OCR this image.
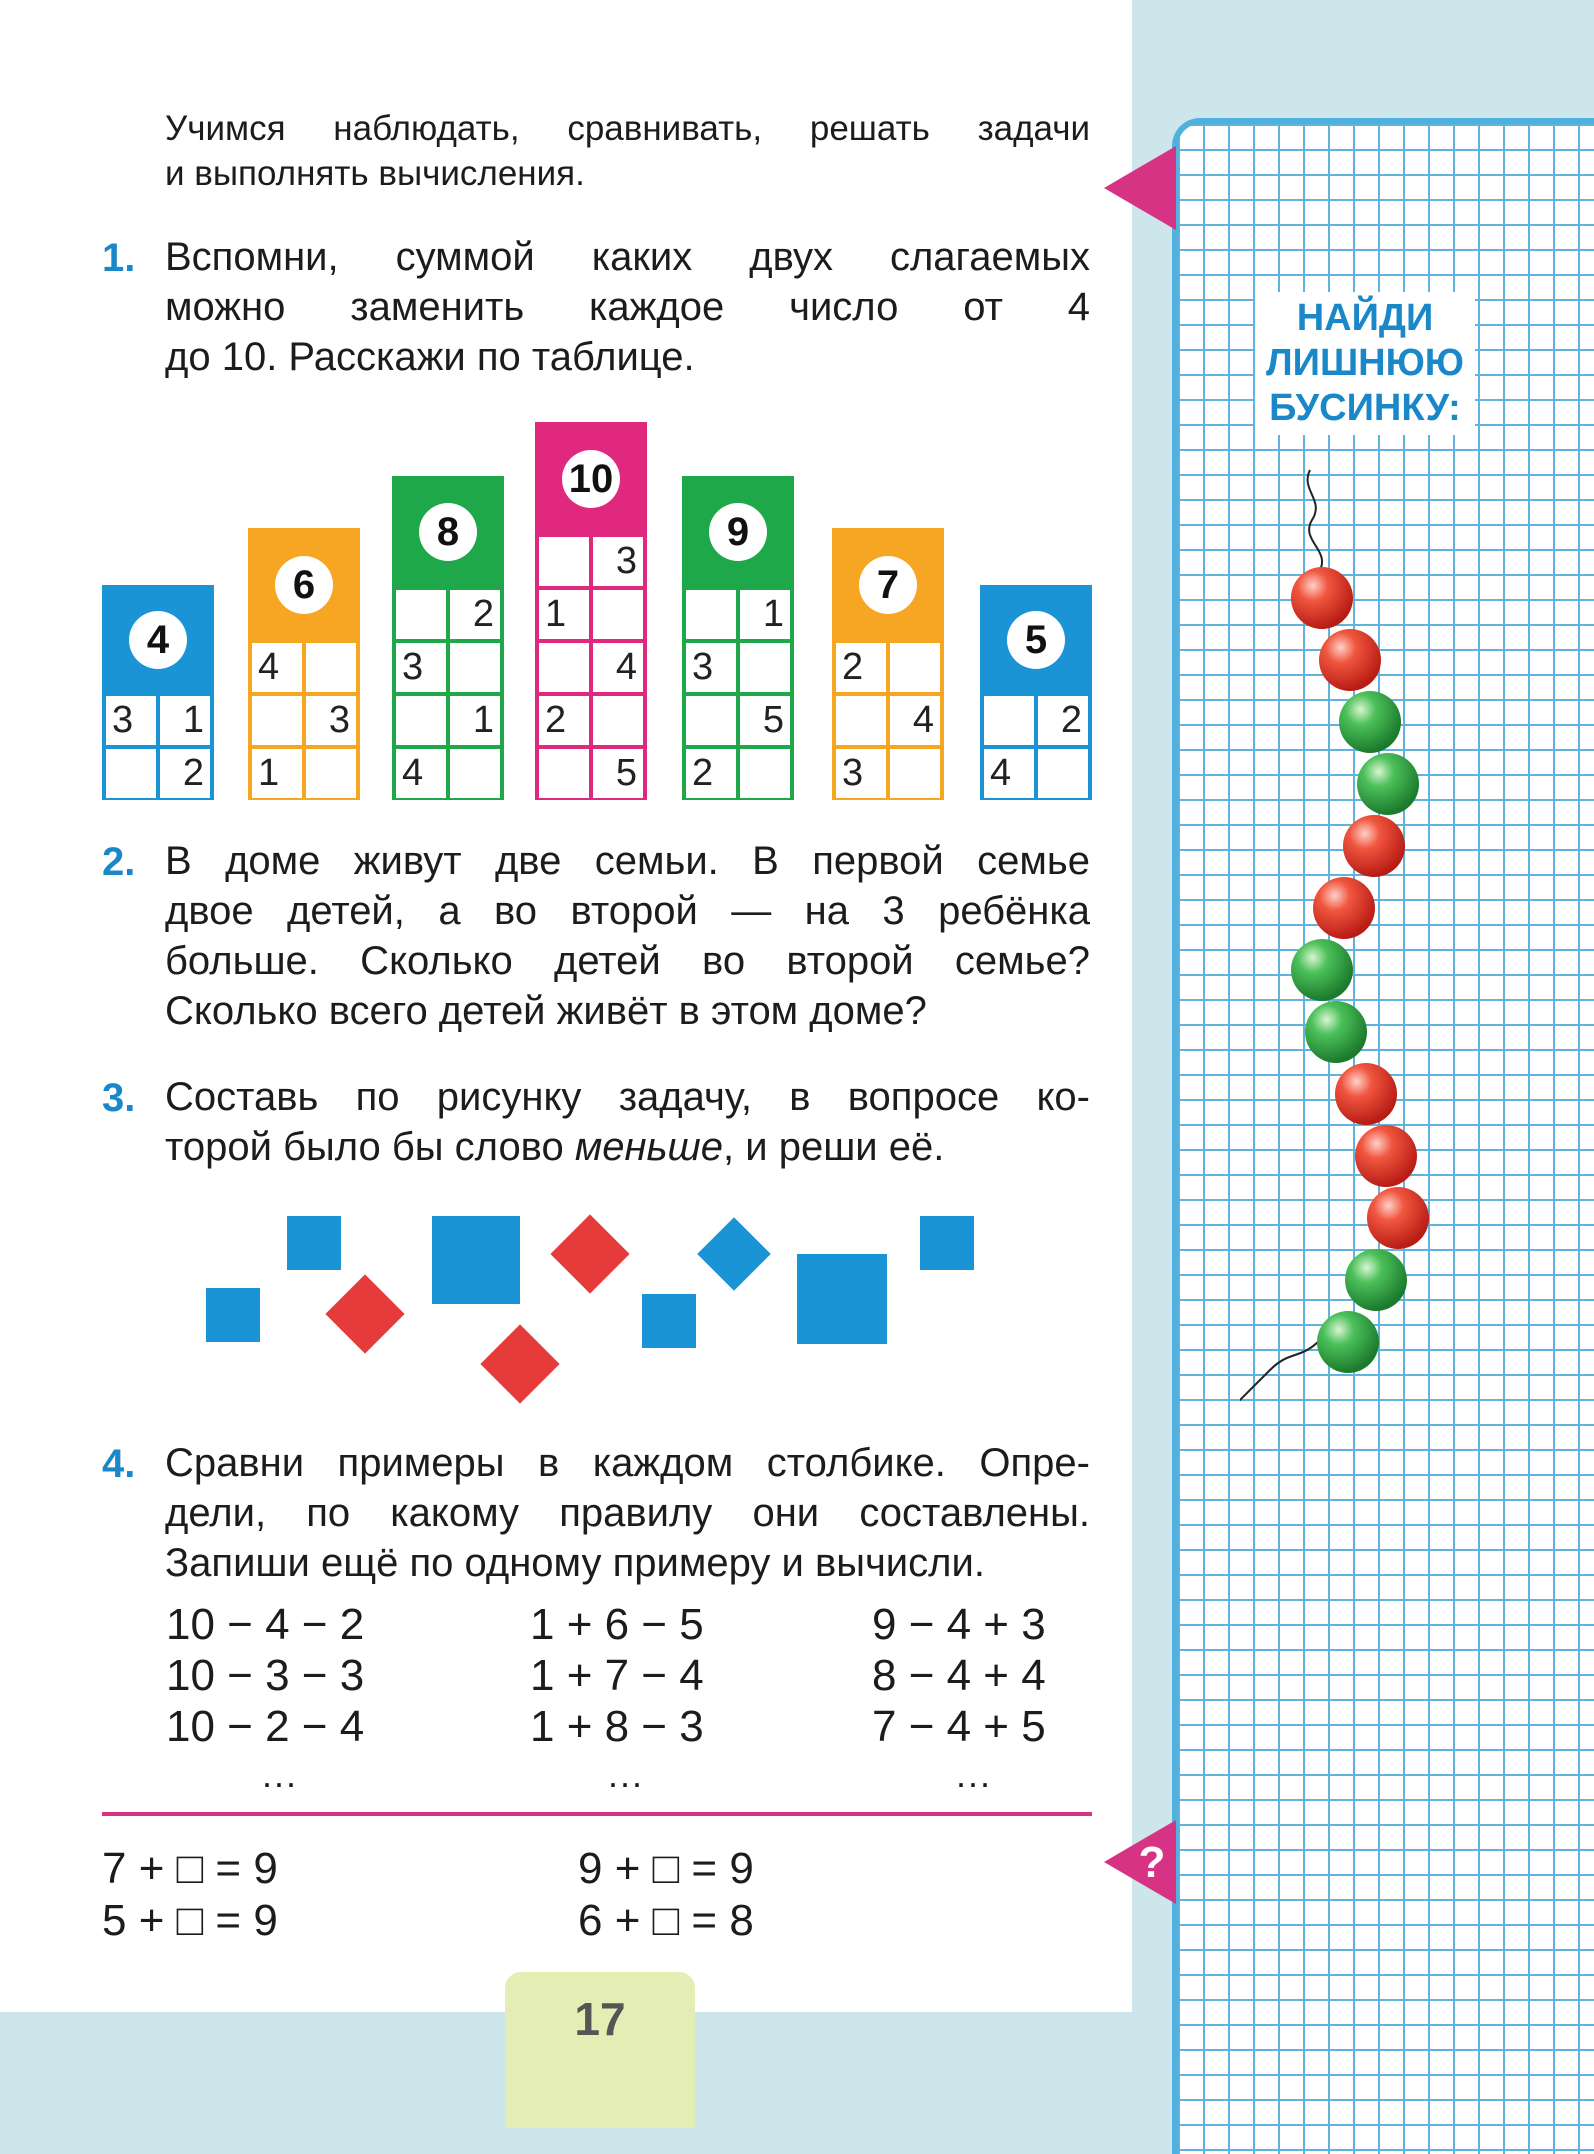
?
НАЙДИ
ЛИШНЮЮ
БУСИНКУ:
Учимся наблюдать, сравнивать, решать задачи
и выполнять вычисления.
1. Вспомни, суммой каких двух слагаемых
можно заменить каждое число от 4
до 10. Расскажи по таблице.
4
3	1
2
6
4
3
1
8
2
3
1
4
10
3
1
4
2
5
9
1
3
5
2
7
2
4
3
5
2
4
2. В доме живут две семьи. В первой семье
двое детей, а во второй — на 3 ребёнка
больше. Сколько детей во второй семье?
Сколько всего детей живёт в этом доме?
3. Составь по рисунку задачу, в вопросе ко-
торой было бы слово меньше, и реши её.
4. Сравни примеры в каждом столбике. Опре-
дели, по какому правилу они составлены.
Запиши ещё по одному примеру и вычисли.
10 − 4 − 2
10 − 3 − 3
10 − 2 − 4
...
1 + 6 − 5
1 + 7 − 4
1 + 8 − 3
...
9 − 4 + 3
8 − 4 + 4
7 − 4 + 5
...
7 + □ = 9
5 + □ = 9
9 + □ = 9
6 + □ = 8
17
